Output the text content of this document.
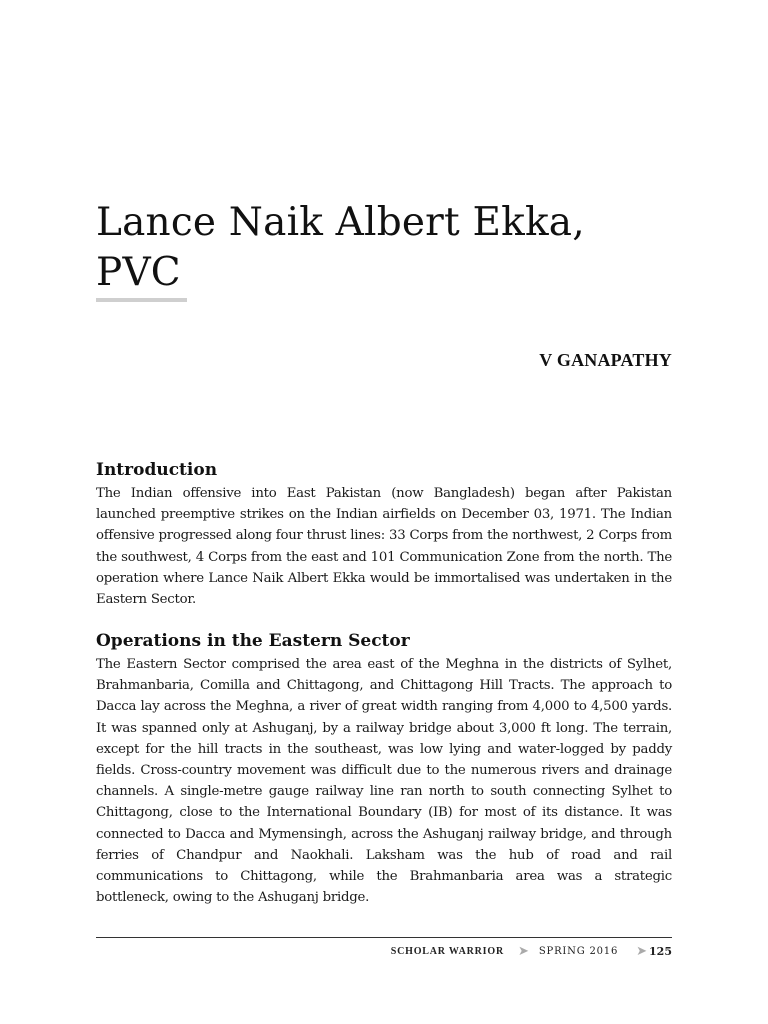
Lance Naik Albert Ekka, PVC
V GANAPATHY
Introduction

The Indian offensive into East Pakistan (now Bangladesh) began after Pakistan launched preemptive strikes on the Indian airfields on December 03, 1971. The Indian offensive progressed along four thrust lines: 33 Corps from the northwest, 2 Corps from the southwest, 4 Corps from the east and 101 Communication Zone from the north. The operation where Lance Naik Albert Ekka would be immortalised was undertaken in the Eastern Sector.

Operations in the Eastern Sector

The Eastern Sector comprised the area east of the Meghna in the districts of Sylhet, Brahmanbaria, Comilla and Chittagong, and Chittagong Hill Tracts. The approach to Dacca lay across the Meghna, a river of great width ranging from 4,000 to 4,500 yards. It was spanned only at Ashuganj, by a railway bridge about 3,000 ft long. The terrain, except for the hill tracts in the southeast, was low lying and water-logged by paddy fields. Cross-country movement was difficult due to the numerous rivers and drainage channels. A single-metre gauge railway line ran north to south connecting Sylhet to Chittagong, close to the International Boundary (IB) for most of its distance. It was connected to Dacca and Mymensingh, across the Ashuganj railway bridge, and through ferries of Chandpur and Naokhali. Laksham was the hub of road and rail communications to Chittagong, while the Brahmanbaria area was a strategic bottleneck, owing to the Ashuganj bridge.

SCHOLAR WARRIOR ➤ SPRING 2016 ➤ 125
